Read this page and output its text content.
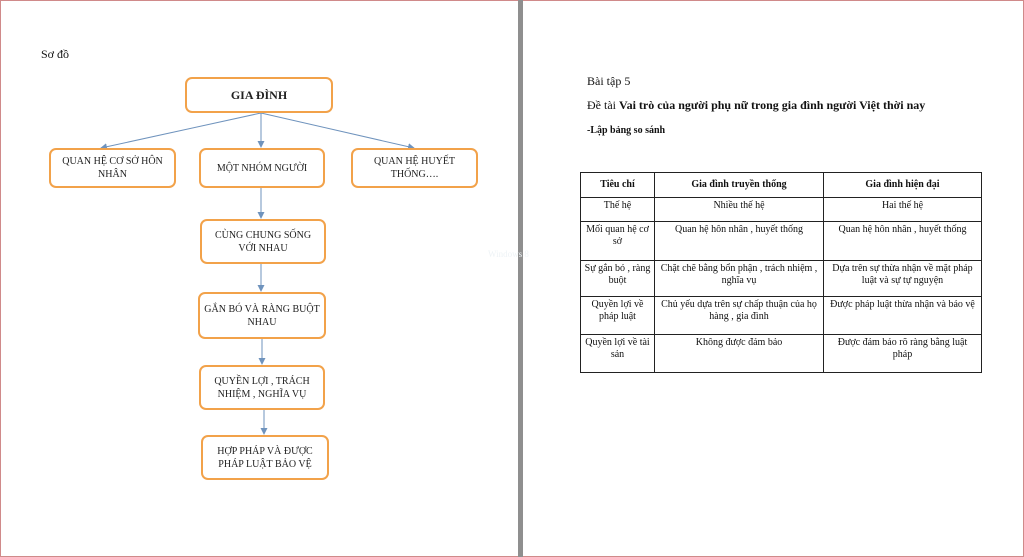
Sơ đồ
GIA ĐÌNH
QUAN HỆ CƠ SỞ HÔN NHÂN
MỘT NHÓM NGƯỜI
QUAN HỆ HUYẾT THỐNG….
CÙNG CHUNG SỐNG VỚI NHAU
GẮN BÓ VÀ RÀNG BUỘT NHAU
QUYỀN LỢI , TRÁCH NHIỆM , NGHĨA VỤ
HỢP PHÁP VÀ ĐƯỢC PHÁP LUẬT BẢO VỆ
Bài tập 5
Đề tài Vai trò của người phụ nữ trong gia đình người Việt thời nay
-Lập bảng so sánh
Windows 8
Tiêu chí	Gia đình truyền thống	Gia đình hiện đại
Thế hệ	Nhiều thế hệ	Hai thế hệ
Mối quan hệ cơ sở	Quan hệ hôn nhân , huyết thống	Quan hệ hôn nhân , huyết thống
Sự gắn bó , ràng buột	Chặt chẽ bằng bổn phận , trách nhiệm , nghĩa vụ	Dựa trên sự thừa nhận về mặt pháp luật và sự tự nguyện
Quyền lợi về pháp luật	Chủ yếu dựa trên sự chấp thuận của họ hàng , gia đình	Được pháp luật thừa nhận và bảo vệ
Quyền lợi về tài sản	Không được đảm bảo	Được đảm bảo rõ ràng bằng luật pháp
